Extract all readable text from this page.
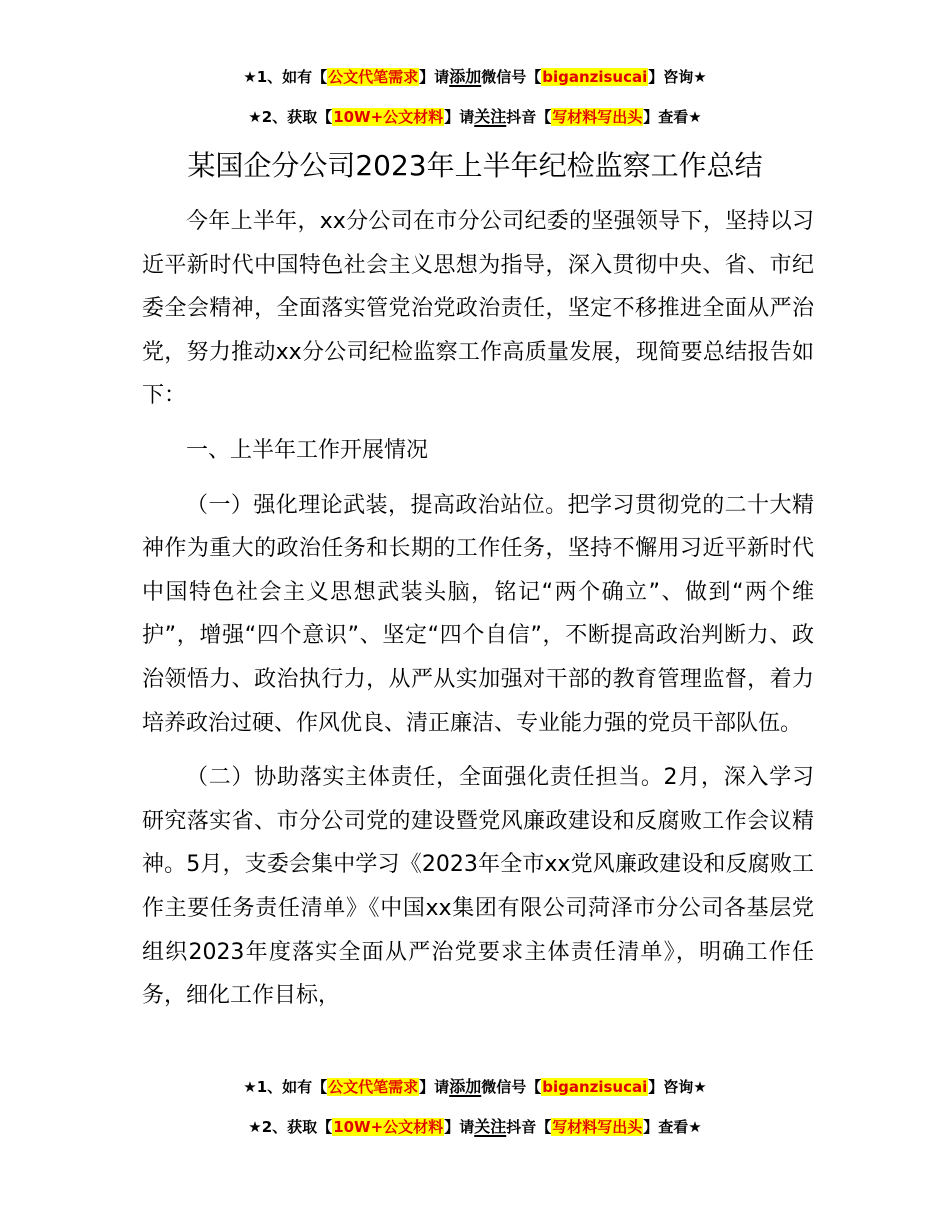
★1、如有【公文代笔需求】请添加微信号【biganzisucai】咨询★
★2、获取【10W+公文材料】请关注抖音【写材料写出头】查看★
某国企分公司2023年上半年纪检监察工作总结

今年上半年，xx分公司在市分公司纪委的坚强领导下，坚持以习近平新时代中国特色社会主义思想为指导，深入贯彻中央、省、市纪委全会精神，全面落实管党治党政治责任，坚定不移推进全面从严治党，努力推动xx分公司纪检监察工作高质量发展，现简要总结报告如下：

一、上半年工作开展情况

（一）强化理论武装，提高政治站位。把学习贯彻党的二十大精神作为重大的政治任务和长期的工作任务，坚持不懈用习近平新时代中国特色社会主义思想武装头脑，铭记“两个确立”、做到“两个维护”，增强“四个意识”、坚定“四个自信”，不断提高政治判断力、政治领悟力、政治执行力，从严从实加强对干部的教育管理监督，着力培养政治过硬、作风优良、清正廉洁、专业能力强的党员干部队伍。

（二）协助落实主体责任，全面强化责任担当。2月，深入学习研究落实省、市分公司党的建设暨党风廉政建设和反腐败工作会议精神。5月，支委会集中学习《2023年全市xx党风廉政建设和反腐败工作主要任务责任清单》《中国xx集团有限公司菏泽市分公司各基层党组织2023年度落实全面从严治党要求主体责任清单》，明确工作任务，细化工作目标，

★1、如有【公文代笔需求】请添加微信号【biganzisucai】咨询★
★2、获取【10W+公文材料】请关注抖音【写材料写出头】查看★
